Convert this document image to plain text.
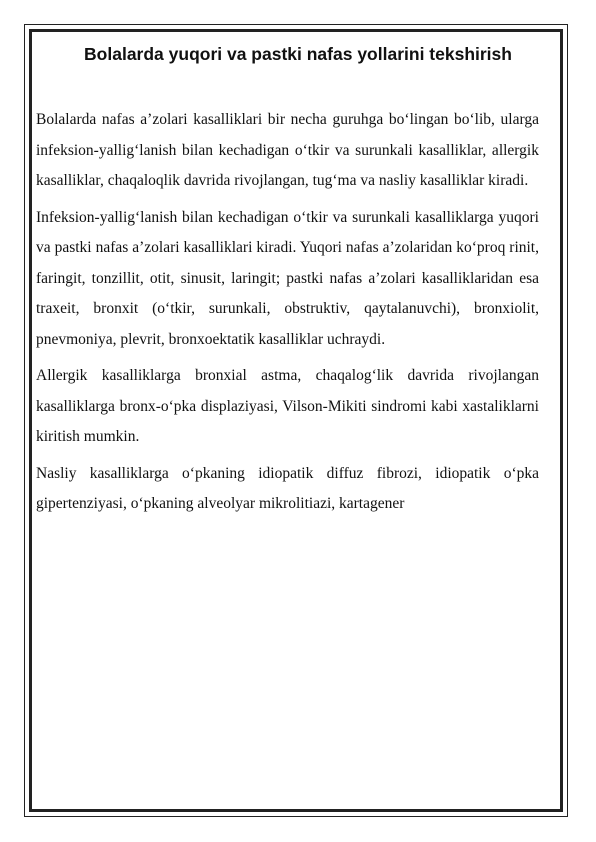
Bolalarda yuqori va pastki nafas yollarini tekshirish

Bolalarda nafas a’zolari kasalliklari bir necha guruhga bo‘lingan bo‘lib, ularga infeksion-yallig‘lanish bilan kechadigan o‘tkir va surunkali kasalliklar, allergik kasalliklar, chaqaloqlik davrida rivojlangan, tug‘ma va nasliy kasalliklar kiradi.

Infeksion-yallig‘lanish bilan kechadigan o‘tkir va surunkali kasalliklarga yuqori va pastki nafas a’zolari kasalliklari kiradi. Yuqori nafas a’zolaridan ko‘proq rinit, faringit, tonzillit, otit, sinusit, laringit; pastki nafas a’zolari kasalliklaridan esa traxeit, bronxit (o‘tkir, surunkali, obstruktiv, qaytalanuvchi), bronxiolit, pnevmoniya, plevrit, bronxoektatik kasalliklar uchraydi.

Allergik kasalliklarga bronxial astma, chaqalog‘lik davrida rivojlangan kasalliklarga bronx-o‘pka displaziyasi, Vilson-Mikiti sindromi kabi xastaliklarni kiritish mumkin.

Nasliy kasalliklarga o‘pkaning idiopatik diffuz fibrozi, idiopatik o‘pka gipertenziyasi, o‘pkaning alveolyar mikrolitiazi, kartagener
